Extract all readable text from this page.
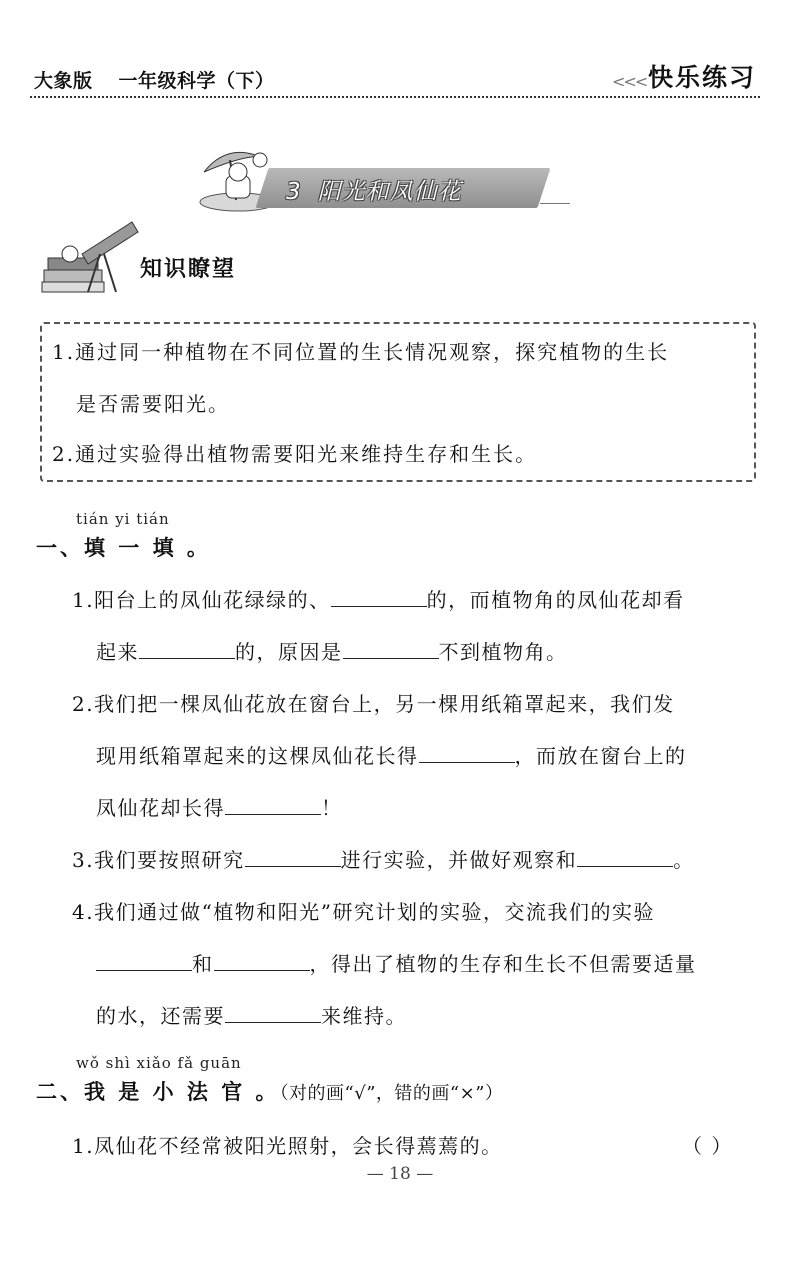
大象版 一年级科学（下）	<<< 快乐练习
3 阳光和凤仙花
知识瞭望
1.通过同一种植物在不同位置的生长情况观察，探究植物的生长
是否需要阳光。
2.通过实验得出植物需要阳光来维持生存和生长。
tián yi tián
一、填 一 填 。
1.阳台上的凤仙花绿绿的、	的，而植物角的凤仙花却看
起来	的，原因是	不到植物角。
2.我们把一棵凤仙花放在窗台上，另一棵用纸箱罩起来，我们发
现用纸箱罩起来的这棵凤仙花长得	，而放在窗台上的
凤仙花却长得	！
3.我们要按照研究	进行实验，并做好观察和	。
4.我们通过做“植物和阳光”研究计划的实验，交流我们的实验
和	，得出了植物的生存和生长不但需要适量
的水，还需要	来维持。
wǒ shì xiǎo fǎ guān
二、我 是 小 法 官 。（对的画“√”，错的画“×”）
1.凤仙花不经常被阳光照射，会长得蔫蔫的。	（ ）
— 18 —
